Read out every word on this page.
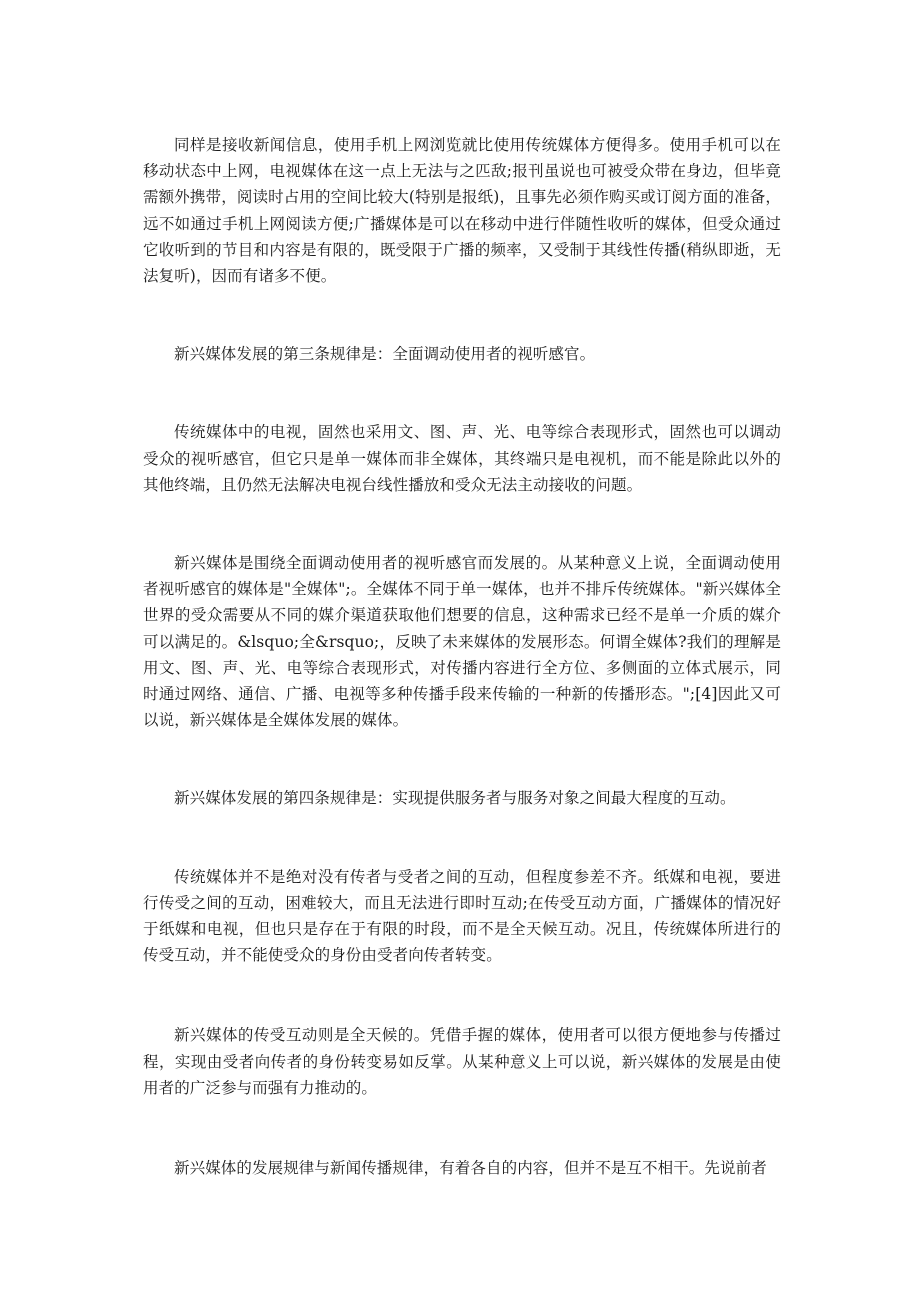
同样是接收新闻信息，使用手机上网浏览就比使用传统媒体方便得多。使用手机可以在移动状态中上网，电视媒体在这一点上无法与之匹敌;报刊虽说也可被受众带在身边，但毕竟需额外携带，阅读时占用的空间比较大(特别是报纸)，且事先必须作购买或订阅方面的准备，远不如通过手机上网阅读方便;广播媒体是可以在移动中进行伴随性收听的媒体，但受众通过它收听到的节目和内容是有限的，既受限于广播的频率，又受制于其线性传播(稍纵即逝，无法复听)，因而有诸多不便。

新兴媒体发展的第三条规律是：全面调动使用者的视听感官。

传统媒体中的电视，固然也采用文、图、声、光、电等综合表现形式，固然也可以调动受众的视听感官，但它只是单一媒体而非全媒体，其终端只是电视机，而不能是除此以外的其他终端，且仍然无法解决电视台线性播放和受众无法主动接收的问题。

新兴媒体是围绕全面调动使用者的视听感官而发展的。从某种意义上说，全面调动使用者视听感官的媒体是"全媒体";。全媒体不同于单一媒体，也并不排斥传统媒体。"新兴媒体全世界的受众需要从不同的媒介渠道获取他们想要的信息，这种需求已经不是单一介质的媒介可以满足的。&lsquo;全&rsquo;，反映了未来媒体的发展形态。何谓全媒体?我们的理解是用文、图、声、光、电等综合表现形式，对传播内容进行全方位、多侧面的立体式展示，同时通过网络、通信、广播、电视等多种传播手段来传输的一种新的传播形态。";[4]因此又可以说，新兴媒体是全媒体发展的媒体。

新兴媒体发展的第四条规律是：实现提供服务者与服务对象之间最大程度的互动。

传统媒体并不是绝对没有传者与受者之间的互动，但程度参差不齐。纸媒和电视，要进行传受之间的互动，困难较大，而且无法进行即时互动;在传受互动方面，广播媒体的情况好于纸媒和电视，但也只是存在于有限的时段，而不是全天候互动。况且，传统媒体所进行的传受互动，并不能使受众的身份由受者向传者转变。

新兴媒体的传受互动则是全天候的。凭借手握的媒体，使用者可以很方便地参与传播过程，实现由受者向传者的身份转变易如反掌。从某种意义上可以说，新兴媒体的发展是由使用者的广泛参与而强有力推动的。

新兴媒体的发展规律与新闻传播规律，有着各自的内容，但并不是互不相干。先说前者
